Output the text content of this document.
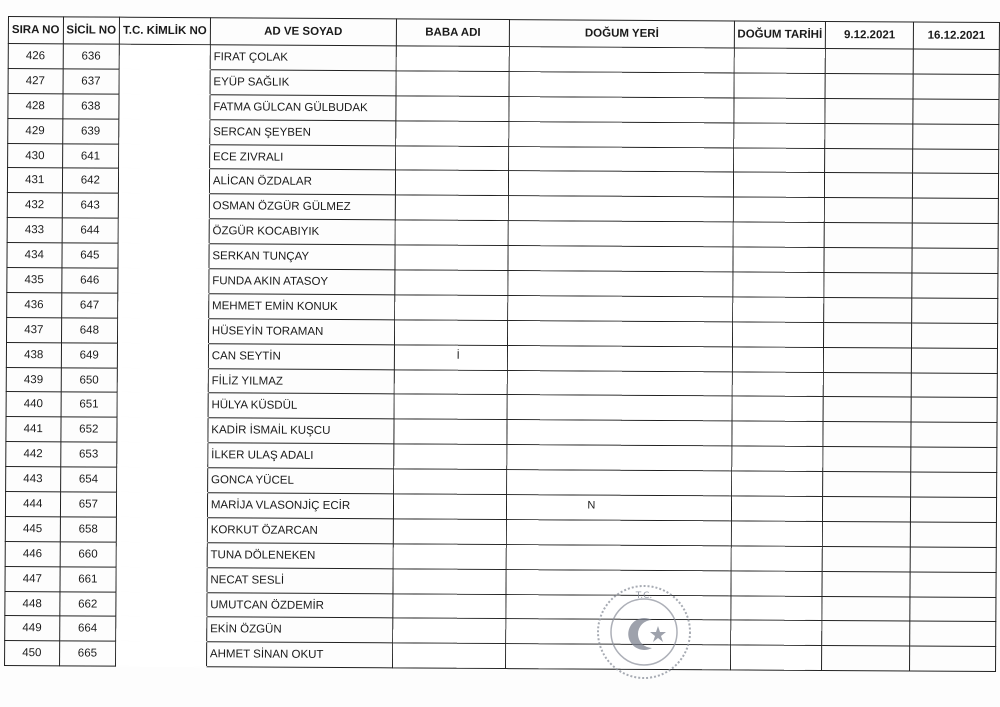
SIRA NO	SİCİL NO	T.C. KİMLİK NO	AD VE SOYAD	BABA ADI	DOĞUM YERİ	DOĞUM TARİHİ	9.12.2021	16.12.2021
426	636		FIRAT ÇOLAK					
427	637		EYÜP SAĞLIK					
428	638		FATMA GÜLCAN GÜLBUDAK					
429	639		SERCAN ŞEYBEN					
430	641		ECE ZIVRALI					
431	642		ALİCAN ÖZDALAR					
432	643		OSMAN ÖZGÜR GÜLMEZ					
433	644		ÖZGÜR KOCABIYIK					
434	645		SERKAN TUNÇAY					
435	646		FUNDA AKIN ATASOY					
436	647		MEHMET EMİN KONUK					
437	648		HÜSEYİN TORAMAN					
438	649		CAN SEYTİN	İ				

439	650		FİLİZ YILMAZ					
440	651		HÜLYA KÜSDÜL					
441	652		KADİR İSMAİL KUŞCU					
442	653		İLKER ULAŞ ADALI					
443	654		GONCA YÜCEL					
444	657		MARİJA VLASONJİÇ ECİR		N			

445	658		KORKUT ÖZARCAN					
446	660		TUNA DÖLENEKEN					
447	661		NECAT SESLİ					
448	662		UMUTCAN ÖZDEMİR					
449	664		EKİN ÖZGÜN					
450	665		AHMET SİNAN OKUT					
T.C.
